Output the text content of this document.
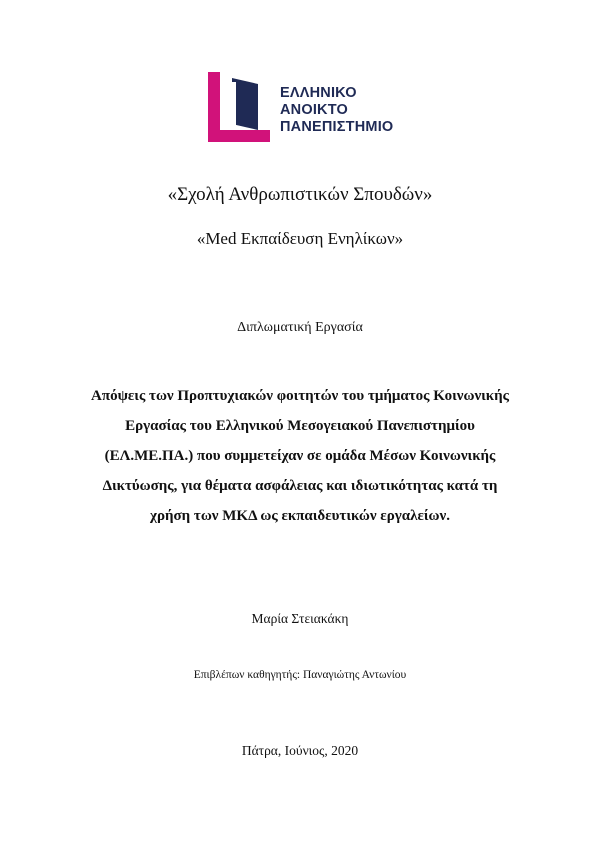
ΕΛΛΗΝΙΚΟ
ΑΝΟΙΚΤΟ
ΠΑΝΕΠΙΣΤΗΜΙΟ
«Σχολή Ανθρωπιστικών Σπουδών»
«Med Εκπαίδευση Ενηλίκων»
Διπλωματική Εργασία
Απόψεις των Προπτυχιακών φοιτητών του τμήματος Κοινωνικής
Εργασίας του Ελληνικού Μεσογειακού Πανεπιστημίου
(ΕΛ.ΜΕ.ΠΑ.) που συμμετείχαν σε ομάδα Μέσων Κοινωνικής
Δικτύωσης, για θέματα ασφάλειας και ιδιωτικότητας κατά τη
χρήση των ΜΚΔ ως εκπαιδευτικών εργαλείων.
Μαρία Στειακάκη
Επιβλέπων καθηγητής: Παναγιώτης Αντωνίου
Πάτρα, Ιούνιος, 2020
